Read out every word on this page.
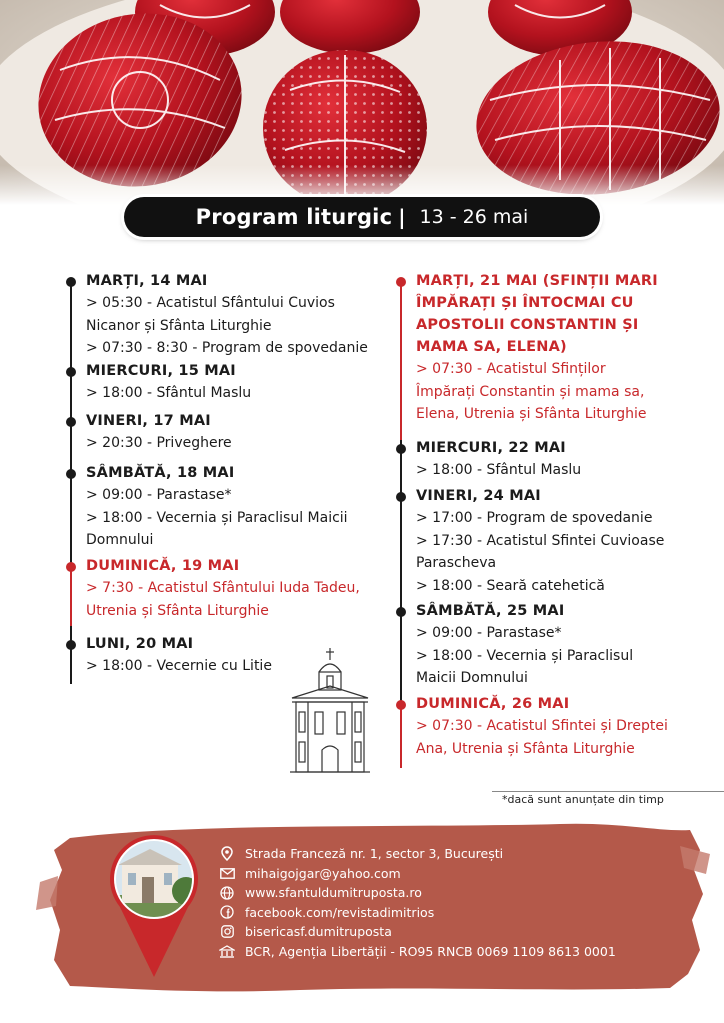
Program liturgic | 13 - 26 mai
MARȚI, 14 MAI
> 05:30 - Acatistul Sfântului Cuvios
Nicanor și Sfânta Liturghie
> 07:30 - 8:30 - Program de spovedanie
MIERCURI, 15 MAI
> 18:00 - Sfântul Maslu
VINERI, 17 MAI
> 20:30 - Priveghere
SÂMBĂTĂ, 18 MAI
> 09:00 - Parastase*
> 18:00 - Vecernia și Paraclisul Maicii
Domnului
DUMINICĂ, 19 MAI
> 7:30 - Acatistul Sfântului Iuda Tadeu,
Utrenia și Sfânta Liturghie
LUNI, 20 MAI
> 18:00 - Vecernie cu Litie
MARȚI, 21 MAI (SFINȚII MARI
ÎMPĂRAȚI ȘI ÎNTOCMAI CU
APOSTOLII CONSTANTIN ȘI
MAMA SA, ELENA)
> 07:30 - Acatistul Sfinților
Împărați Constantin și mama sa,
Elena, Utrenia și Sfânta Liturghie
MIERCURI, 22 MAI
> 18:00 - Sfântul Maslu
VINERI, 24 MAI
> 17:00 - Program de spovedanie
> 17:30 - Acatistul Sfintei Cuvioase
Parascheva
> 18:00 - Seară catehetică
SÂMBĂTĂ, 25 MAI
> 09:00 - Parastase*
> 18:00 - Vecernia și Paraclisul
Maicii Domnului
DUMINICĂ, 26 MAI
> 07:30 - Acatistul Sfintei și Dreptei
Ana, Utrenia și Sfânta Liturghie
*dacă sunt anunțate din timp
Strada Franceză nr. 1, sector 3, București
mihaigojgar@yahoo.com
www.sfantuldumitruposta.ro
facebook.com/revistadimitrios
bisericasf.dumitruposta
BCR, Agenția Libertății - RO95 RNCB 0069 1109 8613 0001
